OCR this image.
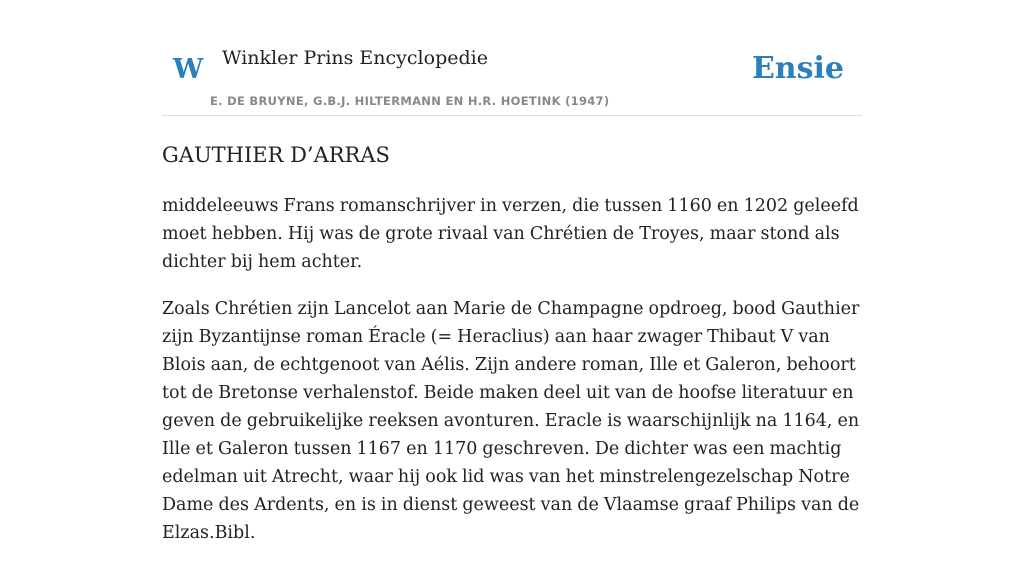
W Winkler Prins Encyclopedie
E. DE BRUYNE, G.B.J. HILTERMANN EN H.R. HOETINK (1947)
Ensie
GAUTHIER D’ARRAS

middeleeuws Frans romanschrijver in verzen, die tussen 1160 en 1202 geleefd moet hebben. Hij was de grote rivaal van Chrétien de Troyes, maar stond als dichter bij hem achter.

Zoals Chrétien zijn Lancelot aan Marie de Champagne opdroeg, bood Gauthier zijn Byzantijnse roman Éracle (= Heraclius) aan haar zwager Thibaut V van Blois aan, de echtgenoot van Aélis. Zijn andere roman, Ille et Galeron, behoort tot de Bretonse verhalenstof. Beide maken deel uit van de hoofse literatuur en geven de gebruikelijke reeksen avonturen. Eracle is waarschijnlijk na 1164, en Ille et Galeron tussen 1167 en 1170 geschreven. De dichter was een machtig edelman uit Atrecht, waar hij ook lid was van het minstrelengezelschap Notre Dame des Ardents, en is in dienst geweest van de Vlaamse graaf Philips van de Elzas.Bibl.
